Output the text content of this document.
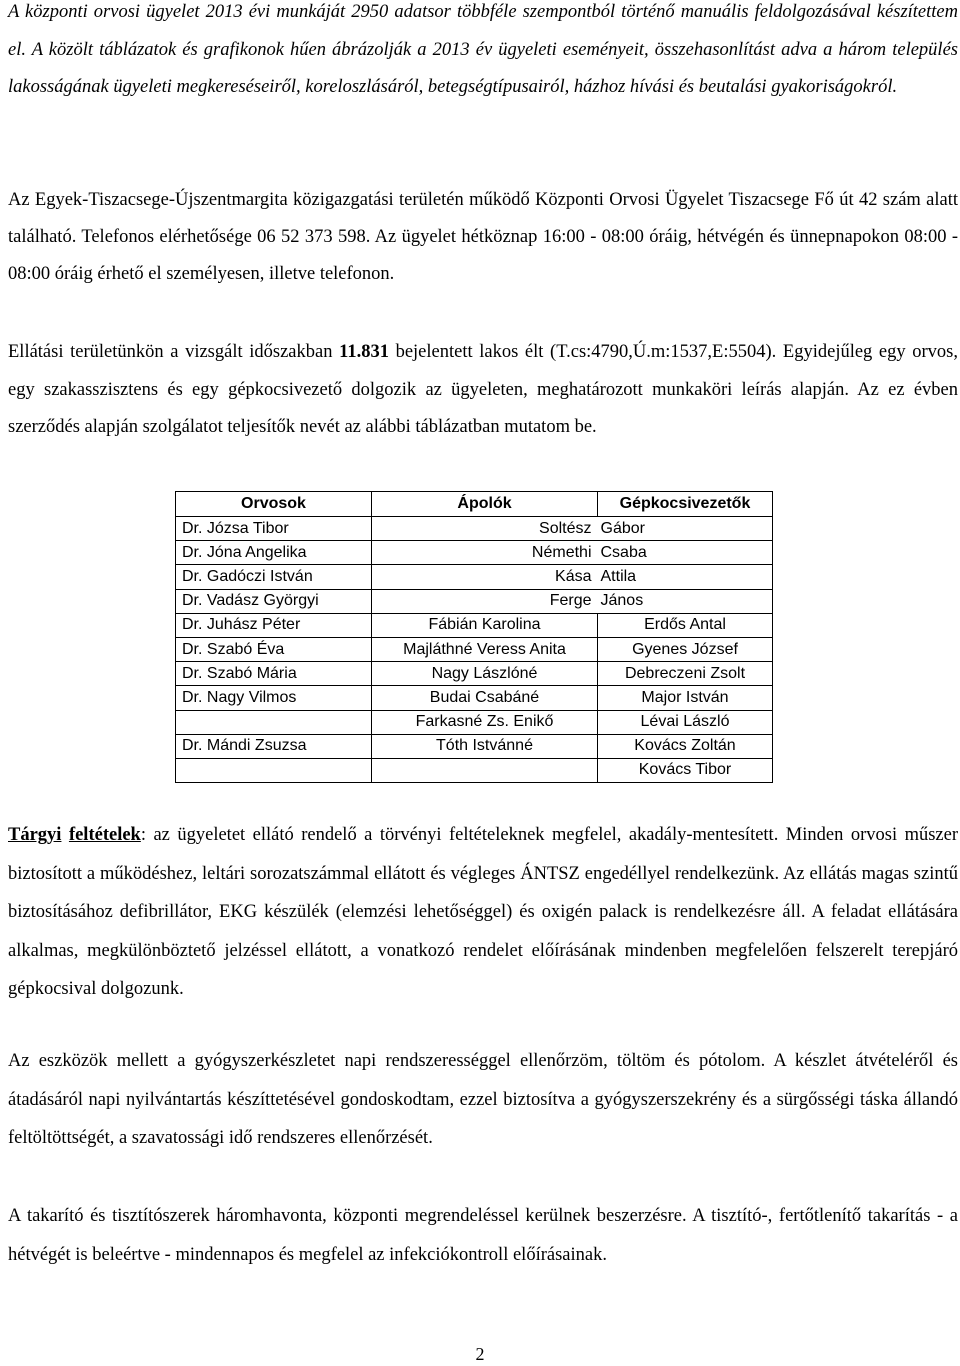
A központi orvosi ügyelet 2013 évi munkáját 2950 adatsor többféle szempontból történő manuális feldolgozásával készítettem el. A közölt táblázatok és grafikonok hűen ábrázolják a 2013 év ügyeleti eseményeit, összehasonlítást adva a három település lakosságának ügyeleti megkereséseiről, koreloszlásáról, betegségtípusairól, házhoz hívási és beutalási gyakoriságokról.

Az Egyek-Tiszacsege-Újszentmargita közigazgatási területén működő Központi Orvosi Ügyelet Tiszacsege Fő út 42 szám alatt található. Telefonos elérhetősége 06 52 373 598. Az ügyelet hétköznap 16:00 - 08:00 óráig, hétvégén és ünnepnapokon 08:00 - 08:00 óráig érhető el személyesen, illetve telefonon.

Ellátási területünkön a vizsgált időszakban 11.831 bejelentett lakos élt (T.cs:4790,Ú.m:1537,E:5504). Egyidejűleg egy orvos, egy szakasszisztens és egy gépkocsivezető dolgozik az ügyeleten, meghatározott munkaköri leírás alapján. Az ez évben szerződés alapján szolgálatot teljesítők nevét az alábbi táblázatban mutatom be.

Orvosok	Ápolók	Gépkocsivezetők
Dr. Józsa Tibor	Soltész	Gábor
Dr. Jóna Angelika	Némethi	Csaba
Dr. Gadóczi István	Kása	Attila
Dr. Vadász Györgyi	Ferge	János
Dr. Juhász Péter	Fábián Karolina	Erdős Antal
Dr. Szabó Éva	Majláthné Veress Anita	Gyenes József
Dr. Szabó Mária	Nagy Lászlóné	Debreczeni Zsolt
Dr. Nagy Vilmos	Budai Csabáné	Major István
	Farkasné Zs. Enikő	Lévai László
Dr. Mándi Zsuzsa	Tóth Istvánné	Kovács Zoltán
		Kovács Tibor

Tárgyi feltételek: az ügyeletet ellátó rendelő a törvényi feltételeknek megfelel, akadály-mentesített. Minden orvosi műszer biztosított a működéshez, leltári sorozatszámmal ellátott és végleges ÁNTSZ engedéllyel rendelkezünk. Az ellátás magas szintű biztosításához defibrillátor, EKG készülék (elemzési lehetőséggel) és oxigén palack is rendelkezésre áll. A feladat ellátására alkalmas, megkülönböztető jelzéssel ellátott, a vonatkozó rendelet előírásának mindenben megfelelően felszerelt terepjáró gépkocsival dolgozunk.

Az eszközök mellett a gyógyszerkészletet napi rendszerességgel ellenőrzöm, töltöm és pótolom. A készlet átvételéről és átadásáról napi nyilvántartás készíttetésével gondoskodtam, ezzel biztosítva a gyógyszerszekrény és a sürgősségi táska állandó feltöltöttségét, a szavatossági idő rendszeres ellenőrzését.

A takarító és tisztítószerek háromhavonta, központi megrendeléssel kerülnek beszerzésre. A tisztító-, fertőtlenítő takarítás - a hétvégét is beleértve - mindennapos és megfelel az infekciókontroll előírásainak.

2
